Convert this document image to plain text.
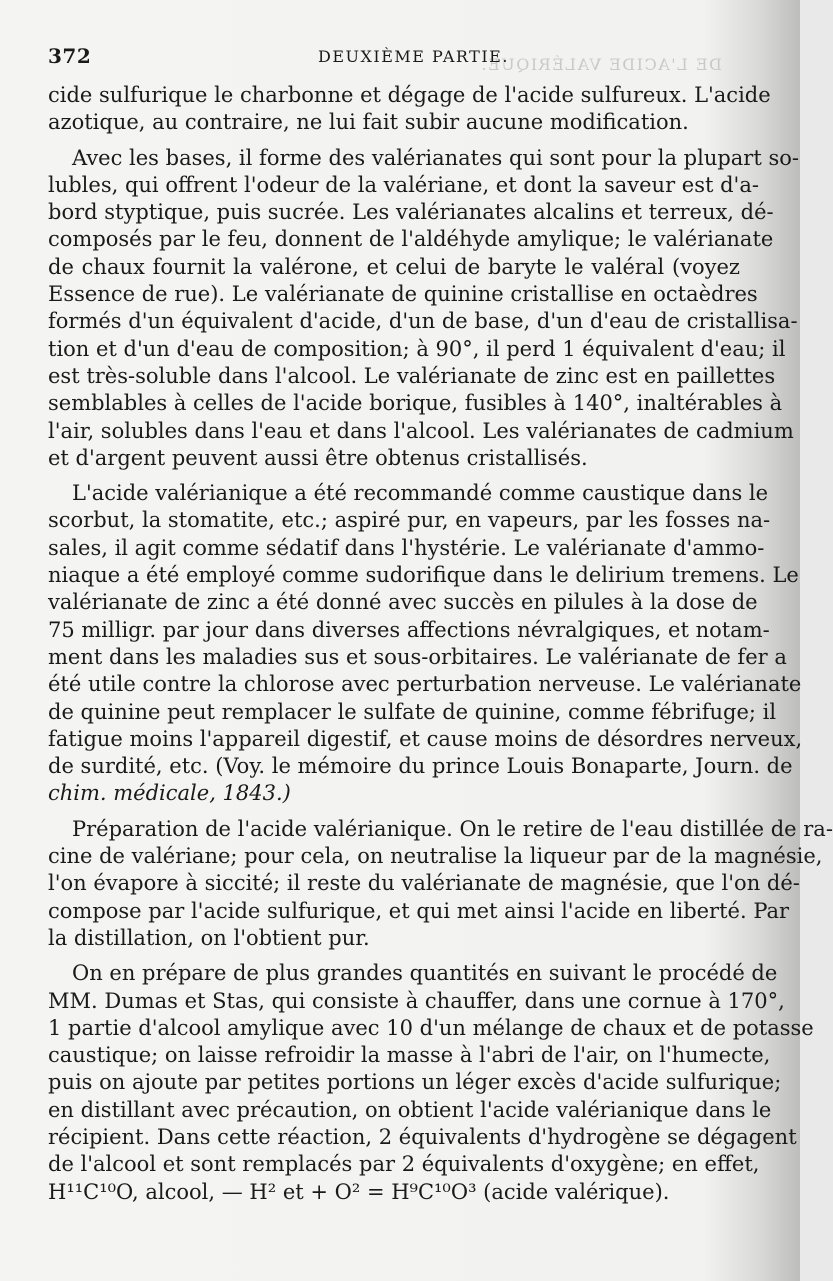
DE L'ACIDE VALÉRIQUE.
372	DEUXIÈME PARTIE.
cide sulfurique le charbonne et dégage de l'acide sulfureux. L'acide
azotique, au contraire, ne lui fait subir aucune modification.
Avec les bases, il forme des valérianates qui sont pour la plupart so-
lubles, qui offrent l'odeur de la valériane, et dont la saveur est d'a-
bord styptique, puis sucrée. Les valérianates alcalins et terreux, dé-
composés par le feu, donnent de l'aldéhyde amylique; le valérianate
de chaux fournit la valérone, et celui de baryte le valéral (voyez
Essence de rue). Le valérianate de quinine cristallise en octaèdres
formés d'un équivalent d'acide, d'un de base, d'un d'eau de cristallisa-
tion et d'un d'eau de composition; à 90°, il perd 1 équivalent d'eau; il
est très-soluble dans l'alcool. Le valérianate de zinc est en paillettes
semblables à celles de l'acide borique, fusibles à 140°, inaltérables à
l'air, solubles dans l'eau et dans l'alcool. Les valérianates de cadmium
et d'argent peuvent aussi être obtenus cristallisés.
L'acide valérianique a été recommandé comme caustique dans le
scorbut, la stomatite, etc.; aspiré pur, en vapeurs, par les fosses na-
sales, il agit comme sédatif dans l'hystérie. Le valérianate d'ammo-
niaque a été employé comme sudorifique dans le delirium tremens. Le
valérianate de zinc a été donné avec succès en pilules à la dose de
75 milligr. par jour dans diverses affections névralgiques, et notam-
ment dans les maladies sus et sous-orbitaires. Le valérianate de fer a
été utile contre la chlorose avec perturbation nerveuse. Le valérianate
de quinine peut remplacer le sulfate de quinine, comme fébrifuge; il
fatigue moins l'appareil digestif, et cause moins de désordres nerveux,
de surdité, etc. (Voy. le mémoire du prince Louis Bonaparte, Journ. de
chim. médicale, 1843.)
Préparation de l'acide valérianique. On le retire de l'eau distillée de ra-
cine de valériane; pour cela, on neutralise la liqueur par de la magnésie,
l'on évapore à siccité; il reste du valérianate de magnésie, que l'on dé-
compose par l'acide sulfurique, et qui met ainsi l'acide en liberté. Par
la distillation, on l'obtient pur.
On en prépare de plus grandes quantités en suivant le procédé de
MM. Dumas et Stas, qui consiste à chauffer, dans une cornue à 170°,
1 partie d'alcool amylique avec 10 d'un mélange de chaux et de potasse
caustique; on laisse refroidir la masse à l'abri de l'air, on l'humecte,
puis on ajoute par petites portions un léger excès d'acide sulfurique;
en distillant avec précaution, on obtient l'acide valérianique dans le
récipient. Dans cette réaction, 2 équivalents d'hydrogène se dégagent
de l'alcool et sont remplacés par 2 équivalents d'oxygène; en effet,
H¹¹C¹⁰O, alcool, — H² et + O² = H⁹C¹⁰O³ (acide valérique).
